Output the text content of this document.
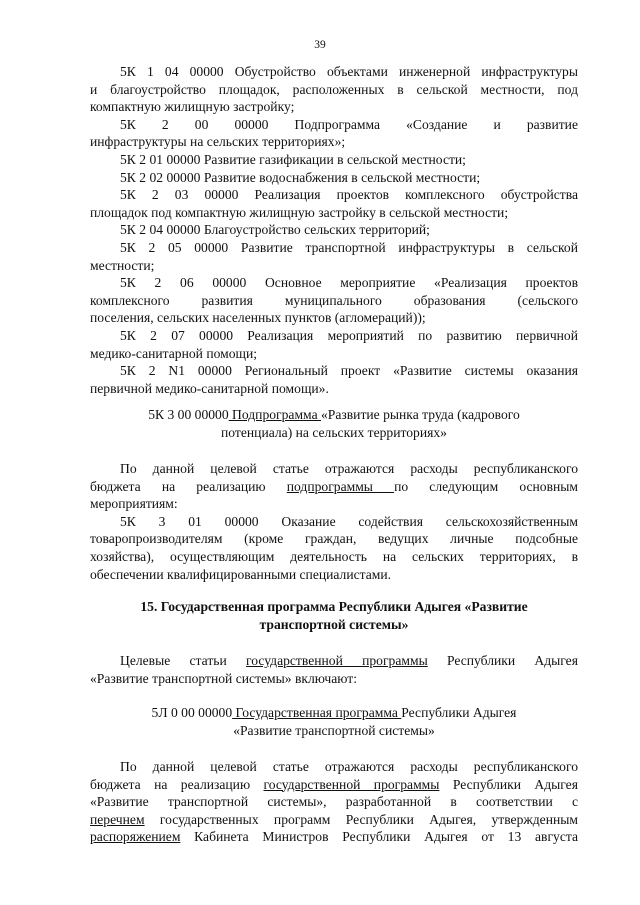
39
5К 1 04 00000 Обустройство объектами инженерной инфраструктуры
и благоустройство площадок, расположенных в сельской местности, под
компактную жилищную застройку;
5К 2 00 00000 Подпрограмма «Создание и развитие
инфраструктуры на сельских территориях»;
5К 2 01 00000 Развитие газификации в сельской местности;
5К 2 02 00000 Развитие водоснабжения в сельской местности;
5К 2 03 00000 Реализация проектов комплексного обустройства
площадок под компактную жилищную застройку в сельской местности;
5К 2 04 00000 Благоустройство сельских территорий;
5К 2 05 00000 Развитие транспортной инфраструктуры в сельской
местности;
5К 2 06 00000 Основное мероприятие «Реализация проектов
комплексного развития муниципального образования (сельского
поселения, сельских населенных пунктов (агломераций));
5К 2 07 00000 Реализация мероприятий по развитию первичной
медико-санитарной помощи;
5К 2 N1 00000 Региональный проект «Развитие системы оказания
первичной медико-санитарной помощи».
5К 3 00 00000 Подпрограмма «Развитие рынка труда (кадрового
потенциала) на сельских территориях»
По данной целевой статье отражаются расходы республиканского
бюджета на реализацию подпрограммы по следующим основным
мероприятиям:
5К 3 01 00000 Оказание содействия сельскохозяйственным
товаропроизводителям (кроме граждан, ведущих личные подсобные
хозяйства), осуществляющим деятельность на сельских территориях, в
обеспечении квалифицированными специалистами.
15. Государственная программа Республики Адыгея «Развитие
транспортной системы»
Целевые статьи государственной программы Республики Адыгея
«Развитие транспортной системы» включают:
5Л 0 00 00000 Государственная программа Республики Адыгея
«Развитие транспортной системы»
По данной целевой статье отражаются расходы республиканского
бюджета на реализацию государственной программы Республики Адыгея
«Развитие транспортной системы», разработанной в соответствии с
перечнем государственных программ Республики Адыгея, утвержденным
распоряжением Кабинета Министров Республики Адыгея от 13 августа
